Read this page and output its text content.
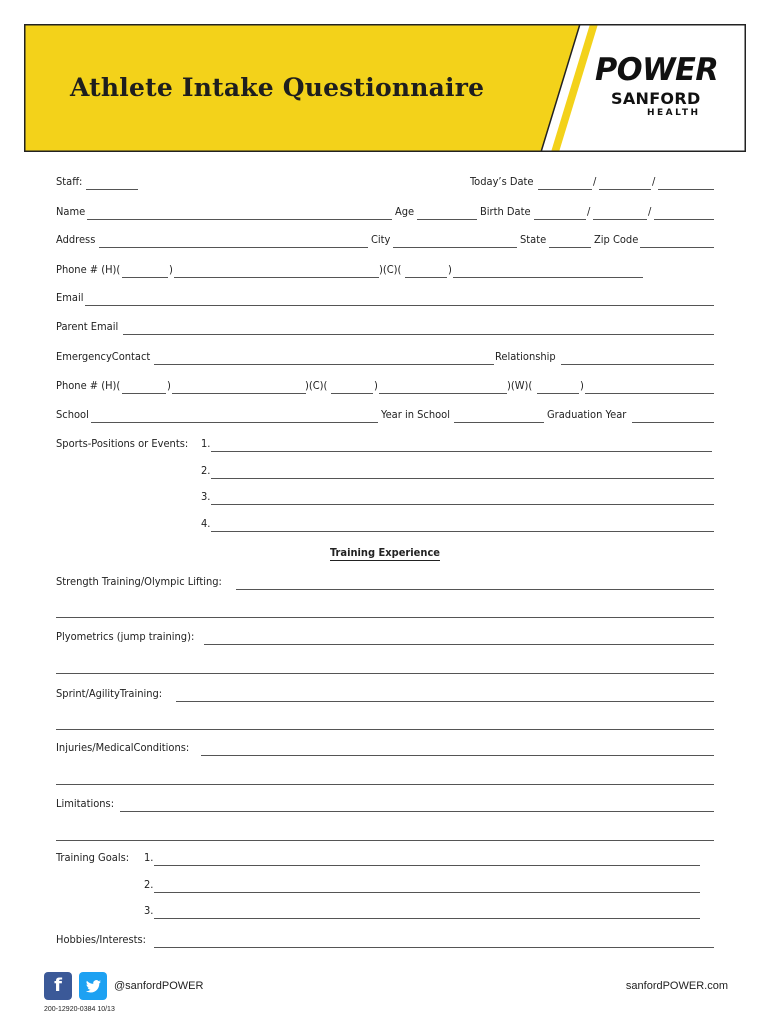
Athlete Intake Questionnaire	POWER
SANFORD
HEALTH
Staff:	Today’s Date	/	/
Name	Age	Birth Date	/	/
Address	City	State	Zip Code
Phone # (H)(	)	)(C)(	)
Email
Parent Email
EmergencyContact	Relationship
Phone # (H)(	)	)(C)(	)	)(W)(	)
School	Year in School	Graduation Year
Sports-Positions or Events: 1.
2.
3.
4.
Training Experience
Strength Training/Olympic Lifting:
Plyometrics (jump training):
Sprint/AgilityTraining:
Injuries/MedicalConditions:
Limitations:
Training Goals: 1.
2.
3.
Hobbies/Interests:
f	@sanfordPOWER	sanfordPOWER.com
200-12920-0384 10/13
